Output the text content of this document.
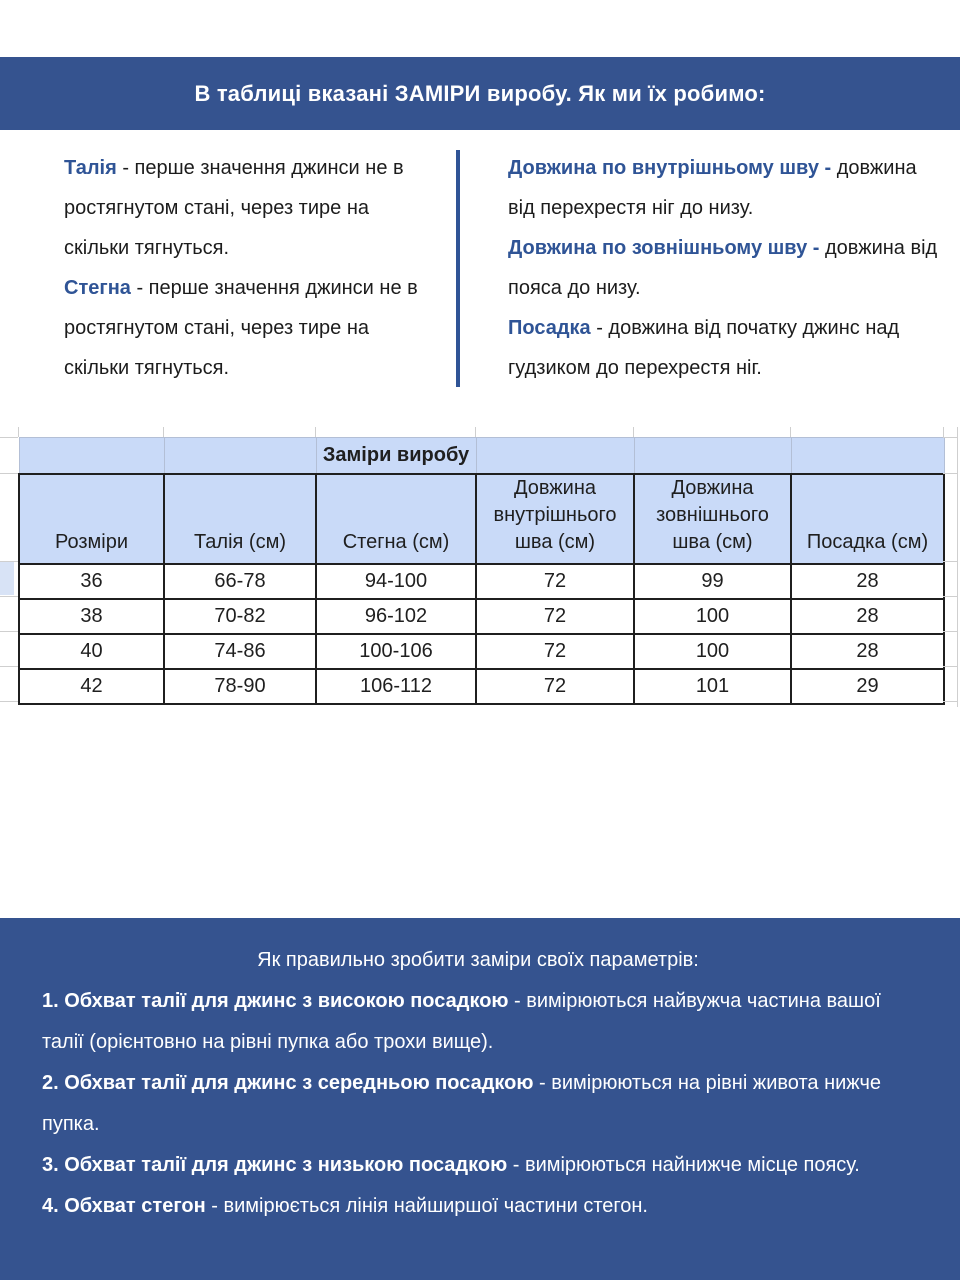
В таблиці вказані ЗАМІРИ виробу. Як ми їх робимо:

Талія - перше значення джинси не в ростягнутом стані, через тире на скільки тягнуться.

Стегна - перше значення джинси не в ростягнутом стані, через тире на скільки тягнуться.

Довжина по внутрішньому шву - довжина від перехрестя ніг до низу.

Довжина по зовнішньому шву - довжина від пояса до низу.

Посадка - довжина від початку джинс над гудзиком до перехрестя ніг.

		Заміри виробу			
Розміри	Талія (см)	Стегна (см)	Довжина внутрішнього шва (см)	Довжина зовнішнього шва (см)	Посадка (см)
36	66-78	94-100	72	99	28
38	70-82	96-102	72	100	28
40	74-86	100-106	72	100	28
42	78-90	106-112	72	101	29
Як правильно зробити заміри своїх параметрів:

1. Обхват талії для джинс з високою посадкою - вимірюються найвужча частина вашої талії (орієнтовно на рівні пупка або трохи вище).

2. Обхват талії для джинс з середньою посадкою - вимірюються на рівні живота нижче пупка.

3. Обхват талії для джинс з низькою посадкою - вимірюються найнижче місце поясу.

4. Обхват стегон - вимірюється лінія найширшої частини стегон.
